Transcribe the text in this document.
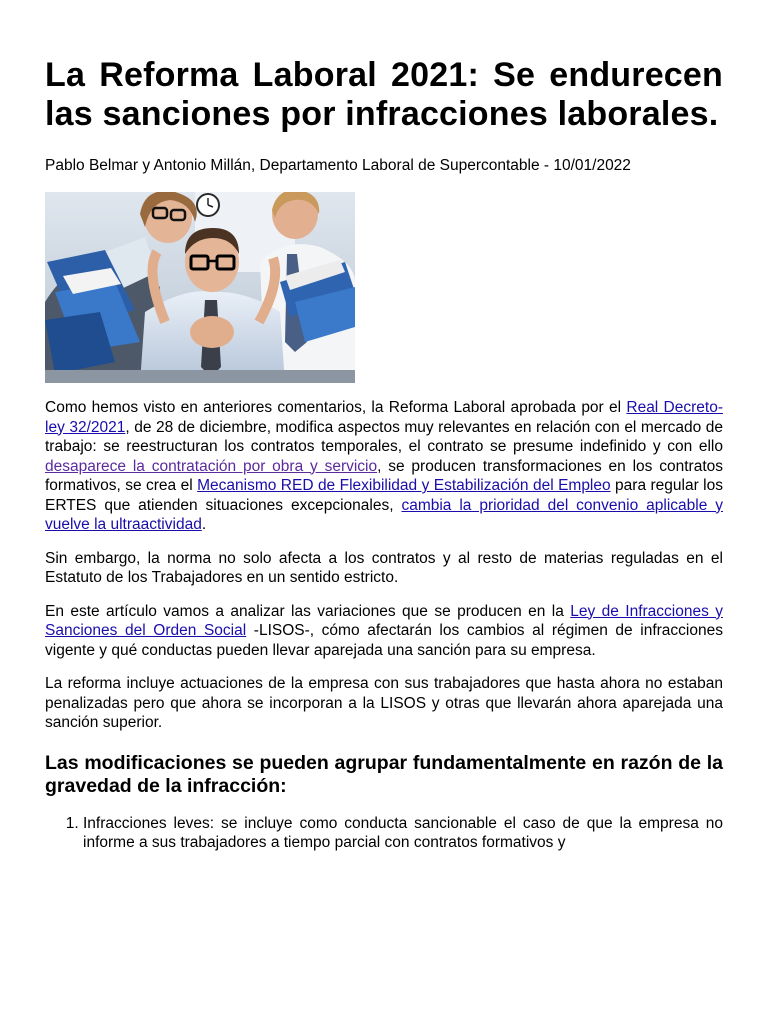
La Reforma Laboral 2021: Se endurecen las sanciones por infracciones laborales.
Pablo Belmar y Antonio Millán, Departamento Laboral de Supercontable - 10/01/2022

Como hemos visto en anteriores comentarios, la Reforma Laboral aprobada por el Real Decreto-ley 32/2021, de 28 de diciembre, modifica aspectos muy relevantes en relación con el mercado de trabajo: se reestructuran los contratos temporales, el contrato se presume indefinido y con ello desaparece la contratación por obra y servicio, se producen transformaciones en los contratos formativos, se crea el Mecanismo RED de Flexibilidad y Estabilización del Empleo para regular los ERTES que atienden situaciones excepcionales, cambia la prioridad del convenio aplicable y vuelve la ultraactividad.

Sin embargo, la norma no solo afecta a los contratos y al resto de materias reguladas en el Estatuto de los Trabajadores en un sentido estricto.

En este artículo vamos a analizar las variaciones que se producen en la Ley de Infracciones y Sanciones del Orden Social -LISOS-, cómo afectarán los cambios al régimen de infracciones vigente y qué conductas pueden llevar aparejada una sanción para su empresa.

La reforma incluye actuaciones de la empresa con sus trabajadores que hasta ahora no estaban penalizadas pero que ahora se incorporan a la LISOS y otras que llevarán ahora aparejada una sanción superior.

Las modificaciones se pueden agrupar fundamentalmente en razón de la gravedad de la infracción:
1. Infracciones leves: se incluye como conducta sancionable el caso de que la empresa no informe a sus trabajadores a tiempo parcial con contratos formativos y
